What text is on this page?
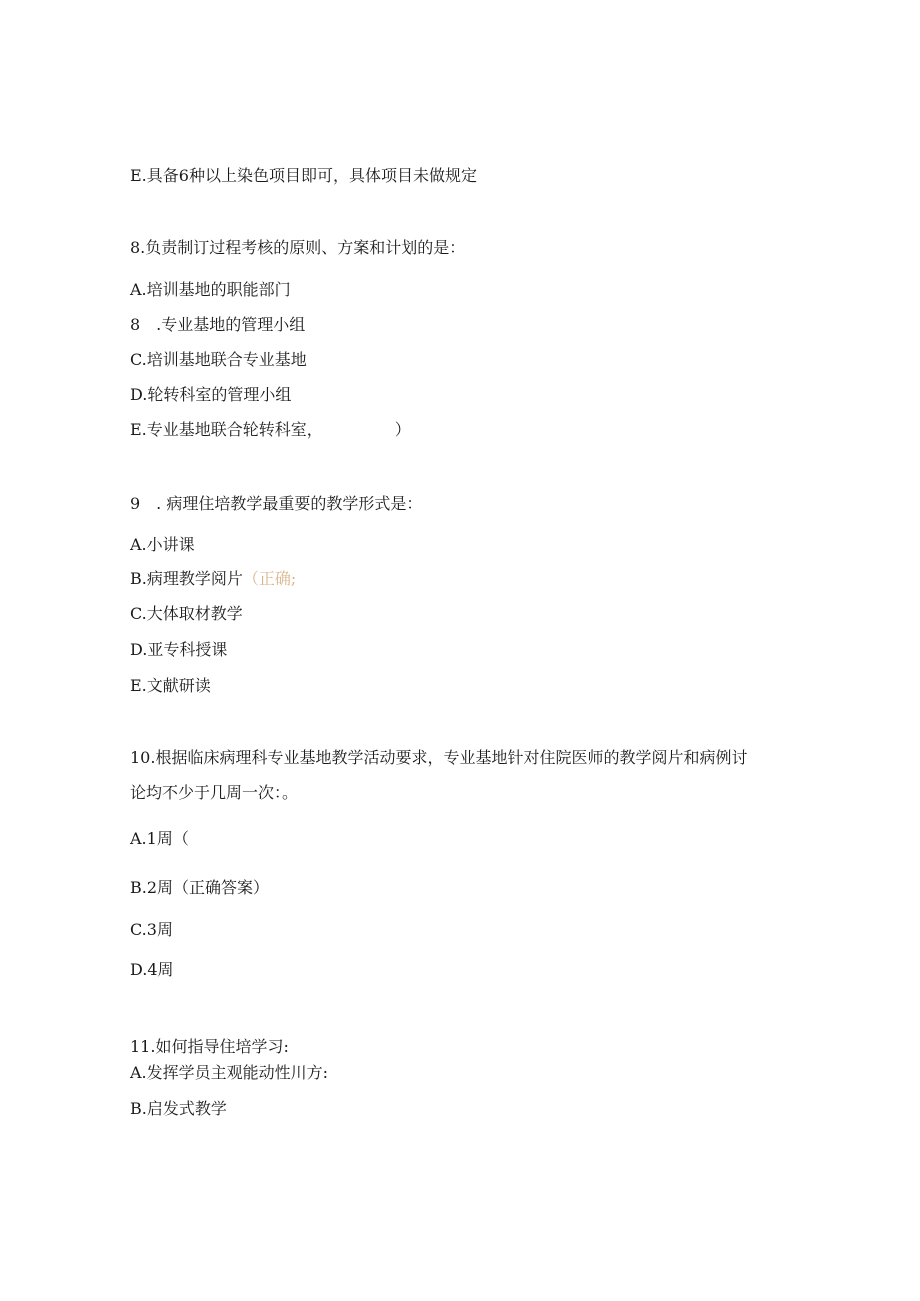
E.具备6种以上染色项目即可，具体项目未做规定
8.负责制订过程考核的原则、方案和计划的是：
A.培训基地的职能部门
8　.专业基地的管理小组
C.培训基地联合专业基地
D.轮转科室的管理小组
E.专业基地联合轮转科室，　　　　　）
9　. 病理住培教学最重要的教学形式是：
A.小讲课
B.病理教学阅片（正确;
C.大体取材教学
D.亚专科授课
E.文献研读
10.根据临床病理科专业基地教学活动要求，专业基地针对住院医师的教学阅片和病例讨
论均不少于几周一次：。
A.1周（
B.2周（正确答案）
C.3周
D.4周
11.如何指导住培学习:
A.发挥学员主观能动性川方:
B.启发式教学
